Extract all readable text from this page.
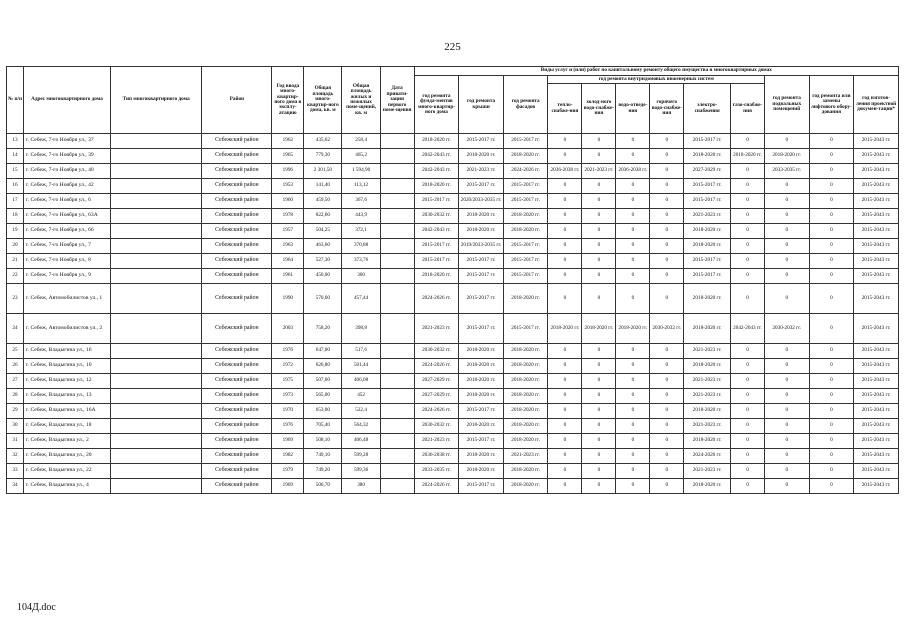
225
№ п/п	Адрес многоквартирного дома	Тип многоквартирного дома	Район	Год ввода много-квартир-ного дома в эксплу-атацию	Общая площадь много-квартир-ного дома, кв. м	Общая площадь жилых и нежилых поме-щений, кв. м	Дата привати-зации первого поме-щения	Виды услуг и (или) работ по капитальному ремонту общего имущества в многоквартирных домах											
								год ремонта фунда-ментов много-квартир-ного дома	год ремонта крыши	год ремонта фасадов	год ремонта внутридомовых инженерных систем						год ремонта подвальных помещений	год ремонта или замены лифтового обору-дования	год изготов-ления проектной докумен-тации*
											тепло-снабже-ния	холод-ного водо-снабже-ния	водо-отведе-ния	горячего водо-снабже-ния	электро-снабжения	газо-снабже-ния			
13	г. Себеж, 7-го Ноября ул., 37		Себежский район	1962	435,62	258,4		2018-2020 гг.	2015-2017 гг.	2015-2017 гг.	0	0	0	0	2015-2017 гг.	0	0	0	2015-2043 гг.
14	г. Себеж, 7-го Ноября ул., 39		Себежский район	1965	779,30	465,2		2042-2043 гг.	2018-2020 гг.	2018-2020 гг.	0	0	0	0	2018-2020 гг.	2018-2020 гг.	2018-2020 гг.	0	2015-2043 гг.
15	г. Себеж, 7-го Ноября ул., 40		Себежский район	1996	2 301,50	1 594,90		2042-2043 гг.	2021-2023 гг.	2024-2026 гг.	2036-2038 гг.	2021-2023 гг.	2036-2038 гг.	0	2027-2029 гг.	0	2033-2035 гг.	0	2015-2043 гг.
16	г. Себеж, 7-го Ноября ул., 42		Себежский район	1953	141,40	113,12		2018-2020 гг.	2015-2017 гг.	2015-2017 гг.	0	0	0	0	2015-2017 гг.	0	0	0	2015-2043 гг.
17	г. Себеж, 7-го Ноября ул., 6		Себежский район	1960	459,50	367,6		2015-2017 гг.	2020/2033-2035 гг.	2015-2017 гг.	0	0	0	0	2015-2017 гг.	0	0	0	2015-2043 гг.
18	г. Себеж, 7-го Ноября ул., 63А		Себежский район	1978	822,60	443,9		2030-2032 гг.	2018-2020 гг.	2018-2020 гг.	0	0	0	0	2021-2023 гг.	0	0	0	2015-2043 гг.
19	г. Себеж, 7-го Ноября ул., 66		Себежский район	1957	504,25	372,1		2042-2043 гг.	2018-2020 гг.	2018-2020 гг.	0	0	0	0	2018-2020 гг.	0	0	0	2015-2043 гг.
20	г. Себеж, 7-го Ноября ул., 7		Себежский район	1963	463,60	370,88		2015-2017 гг.	2019/2033-2035 гг.	2015-2017 гг.	0	0	0	0	2018-2020 гг.	0	0	0	2015-2043 гг.
21	г. Себеж, 7-го Ноября ул., 8		Себежский район	1964	527,30	373,76		2015-2017 гг.	2015-2017 гг.	2015-2017 гг.	0	0	0	0	2015-2017 гг.	0	0	0	2015-2043 гг.
22	г. Себеж, 7-го Ноября ул., 9		Себежский район	1961	450,00	360		2018-2020 гг.	2015-2017 гг.	2015-2017 гг.	0	0	0	0	2015-2017 гг.	0	0	0	2015-2043 гг.
23	г. Себеж, Автомобилистов ул., 1		Себежский район	1990	570,60	457,44		2024-2026 гг.	2015-2017 гг.	2018-2020 гг.	0	0	0	0	2018-2020 гг.	0	0	0	2015-2043 гг.
24	г. Себеж, Автомобилистов ул., 2		Себежский район	2003	758,20	398,8		2021-2023 гг.	2015-2017 гг.	2015-2017 гг.	2018-2020 гг.	2018-2020 гг.	2018-2020 гг.	2030-2032 гг.	2018-2020 гг.	2042-2043 гг.	2030-2032 гг.	0	2015-2043 гг.
25	г. Себеж, Владыгина ул., 16		Себежский район	1976	647,00	517,6		2030-2032 гг.	2018-2020 гг.	2018-2020 гг.	0	0	0	0	2021-2023 гг.	0	0	0	2015-2043 гг.
26	г. Себеж, Владыгина ул., 10		Себежский район	1972	626,80	501,44		2024-2026 гг.	2018-2020 гг.	2018-2020 гг.	0	0	0	0	2018-2020 гг.	0	0	0	2015-2043 гг.
27	г. Себеж, Владыгина ул., 12		Себежский район	1975	507,60	406,08		2027-2029 гг.	2018-2020 гг.	2018-2020 гг.	0	0	0	0	2021-2023 гг.	0	0	0	2015-2043 гг.
28	г. Себеж, Владыгина ул., 13		Себежский район	1973	565,00	452		2027-2029 гг.	2018-2020 гг.	2018-2020 гг.	0	0	0	0	2021-2023 гг.	0	0	0	2015-2043 гг.
29	г. Себеж, Владыгина ул., 16А		Себежский район	1970	653,00	522,4		2024-2026 гг.	2015-2017 гг.	2018-2020 гг.	0	0	0	0	2018-2020 гг.	0	0	0	2015-2043 гг.
30	г. Себеж, Владыгина ул., 18		Себежский район	1976	705,40	564,32		2030-2032 гг.	2018-2020 гг.	2018-2020 гг.	0	0	0	0	2021-2023 гг.	0	0	0	2015-2043 гг.
31	г. Себеж, Владыгина ул., 2		Себежский район	1969	508,10	406,48		2021-2023 гг.	2015-2017 гг.	2018-2020 гг.	0	0	0	0	2018-2020 гг.	0	0	0	2015-2043 гг.
32	г. Себеж, Владыгина ул., 20		Себежский район	1982	749,10	599,28		2036-2038 гг.	2018-2020 гг.	2021-2023 гг.	0	0	0	0	2024-2026 гг.	0	0	0	2015-2043 гг.
33	г. Себеж, Владыгина ул., 22		Себежский район	1979	749,20	599,36		2033-2035 гг.	2018-2020 гг.	2018-2020 гг.	0	0	0	0	2021-2023 гг.	0	0	0	2015-2043 гг.
34	г. Себеж, Владыгина ул., 4		Себежский район	1969	506,70	380		2024-2026 гг.	2015-2017 гг.	2018-2020 гг.	0	0	0	0	2018-2020 гг.	0	0	0	2015-2043 гг.
104Д.doc
